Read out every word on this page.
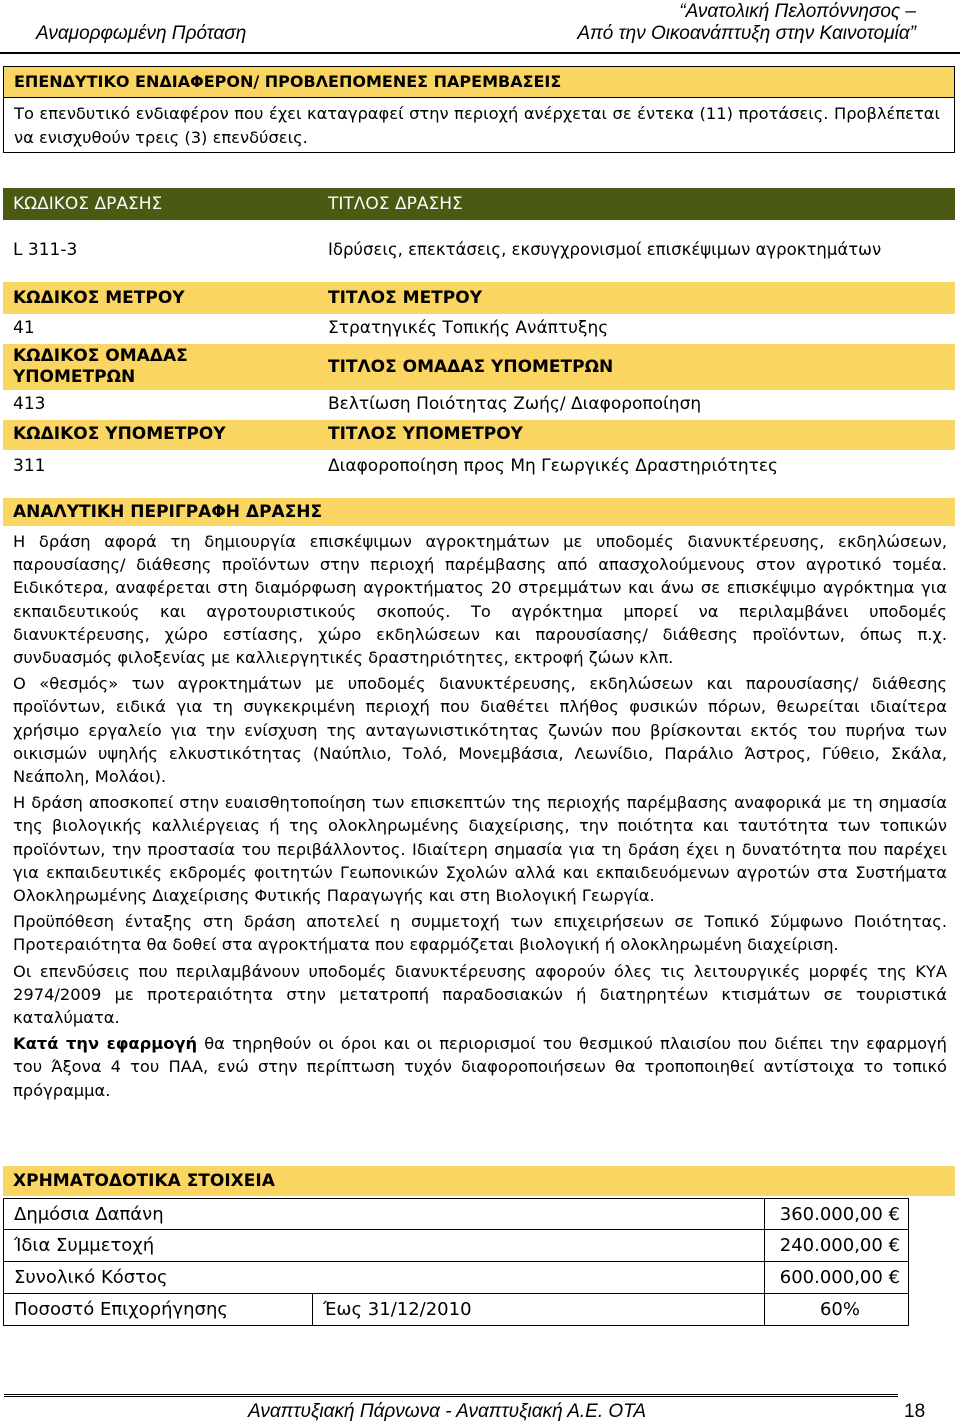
Αναμορφωμένη Πρόταση
“Ανατολική Πελοπόννησος –
Από την Οικοανάπτυξη στην Καινοτομία”
ΕΠΕΝΔΥΤΙΚΟ ΕΝΔΙΑΦΕΡΟΝ/ ΠΡΟΒΛΕΠΟΜΕΝΕΣ ΠΑΡΕΜΒΑΣΕΙΣ
Το επενδυτικό ενδιαφέρον που έχει καταγραφεί στην περιοχή ανέρχεται σε έντεκα (11) προτάσεις. Προβλέπεται να ενισχυθούν τρεις (3) επενδύσεις.
ΚΩΔΙΚΟΣ ΔΡΑΣΗΣ	ΤΙΤΛΟΣ ΔΡΑΣΗΣ
L 311-3	Ιδρύσεις, επεκτάσεις, εκσυγχρονισμοί επισκέψιμων αγροκτημάτων
ΚΩΔΙΚΟΣ ΜΕΤΡΟΥ	ΤΙΤΛΟΣ ΜΕΤΡΟΥ
41	Στρατηγικές Τοπικής Ανάπτυξης
ΚΩΔΙΚΟΣ ΟΜΑΔΑΣ
ΥΠΟΜΕΤΡΩΝ	ΤΙΤΛΟΣ ΟΜΑΔΑΣ ΥΠΟΜΕΤΡΩΝ
413	Βελτίωση Ποιότητας Ζωής/ Διαφοροποίηση
ΚΩΔΙΚΟΣ ΥΠΟΜΕΤΡΟΥ	ΤΙΤΛΟΣ ΥΠΟΜΕΤΡΟΥ
311	Διαφοροποίηση προς Μη Γεωργικές Δραστηριότητες
ΑΝΑΛΥΤΙΚΗ ΠΕΡΙΓΡΑΦΗ ΔΡΑΣΗΣ

Η δράση αφορά τη δημιουργία επισκέψιμων αγροκτημάτων με υποδομές διανυκτέρευσης, εκδηλώσεων, παρουσίασης/ διάθεσης προϊόντων στην περιοχή παρέμβασης από απασχολούμενους στον αγροτικό τομέα. Ειδικότερα, αναφέρεται στη διαμόρφωση αγροκτήματος 20 στρεμμάτων και άνω σε επισκέψιμο αγρόκτημα για εκπαιδευτικούς και αγροτουριστικούς σκοπούς. Το αγρόκτημα μπορεί να περιλαμβάνει υποδομές διανυκτέρευσης, χώρο εστίασης, χώρο εκδηλώσεων και παρουσίασης/ διάθεσης προϊόντων, όπως π.χ. συνδυασμός φιλοξενίας με καλλιεργητικές δραστηριότητες, εκτροφή ζώων κλπ.

Ο «θεσμός» των αγροκτημάτων με υποδομές διανυκτέρευσης, εκδηλώσεων και παρουσίασης/ διάθεσης προϊόντων, ειδικά για τη συγκεκριμένη περιοχή που διαθέτει πλήθος φυσικών πόρων, θεωρείται ιδιαίτερα χρήσιμο εργαλείο για την ενίσχυση της ανταγωνιστικότητας ζωνών που βρίσκονται εκτός του πυρήνα των οικισμών υψηλής ελκυστικότητας (Ναύπλιο, Τολό, Μονεμβάσια, Λεωνίδιο, Παράλιο Άστρος, Γύθειο, Σκάλα, Νεάπολη, Μολάοι).

Η δράση αποσκοπεί στην ευαισθητοποίηση των επισκεπτών της περιοχής παρέμβασης αναφορικά με τη σημασία της βιολογικής καλλιέργειας ή της ολοκληρωμένης διαχείρισης, την ποιότητα και ταυτότητα των τοπικών προϊόντων, την προστασία του περιβάλλοντος. Ιδιαίτερη σημασία για τη δράση έχει η δυνατότητα που παρέχει για εκπαιδευτικές εκδρομές φοιτητών Γεωπονικών Σχολών αλλά και εκπαιδευόμενων αγροτών στα Συστήματα Ολοκληρωμένης Διαχείρισης Φυτικής Παραγωγής και στη Βιολογική Γεωργία.

Προϋπόθεση ένταξης στη δράση αποτελεί η συμμετοχή των επιχειρήσεων σε Τοπικό Σύμφωνο Ποιότητας. Προτεραιότητα θα δοθεί στα αγροκτήματα που εφαρμόζεται βιολογική ή ολοκληρωμένη διαχείριση.

Οι επενδύσεις που περιλαμβάνουν υποδομές διανυκτέρευσης αφορούν όλες τις λειτουργικές μορφές της ΚΥΑ 2974/2009 με προτεραιότητα στην μετατροπή παραδοσιακών ή διατηρητέων κτισμάτων σε τουριστικά καταλύματα.

Κατά την εφαρμογή θα τηρηθούν οι όροι και οι περιορισμοί του θεσμικού πλαισίου που διέπει την εφαρμογή του Άξονα 4 του ΠΑΑ, ενώ στην περίπτωση τυχόν διαφοροποιήσεων θα τροποποιηθεί αντίστοιχα το τοπικό πρόγραμμα.

ΧΡΗΜΑΤΟΔΟΤΙΚΑ ΣΤΟΙΧΕΙΑ
Δημόσια Δαπάνη	360.000,00 €
Ίδια Συμμετοχή	240.000,00 €
Συνολικό Κόστος	600.000,00 €
Ποσοστό Επιχορήγησης	Έως 31/12/2010	60%
Αναπτυξιακή Πάρνωνα - Αναπτυξιακή Α.Ε. ΟΤΑ	18
